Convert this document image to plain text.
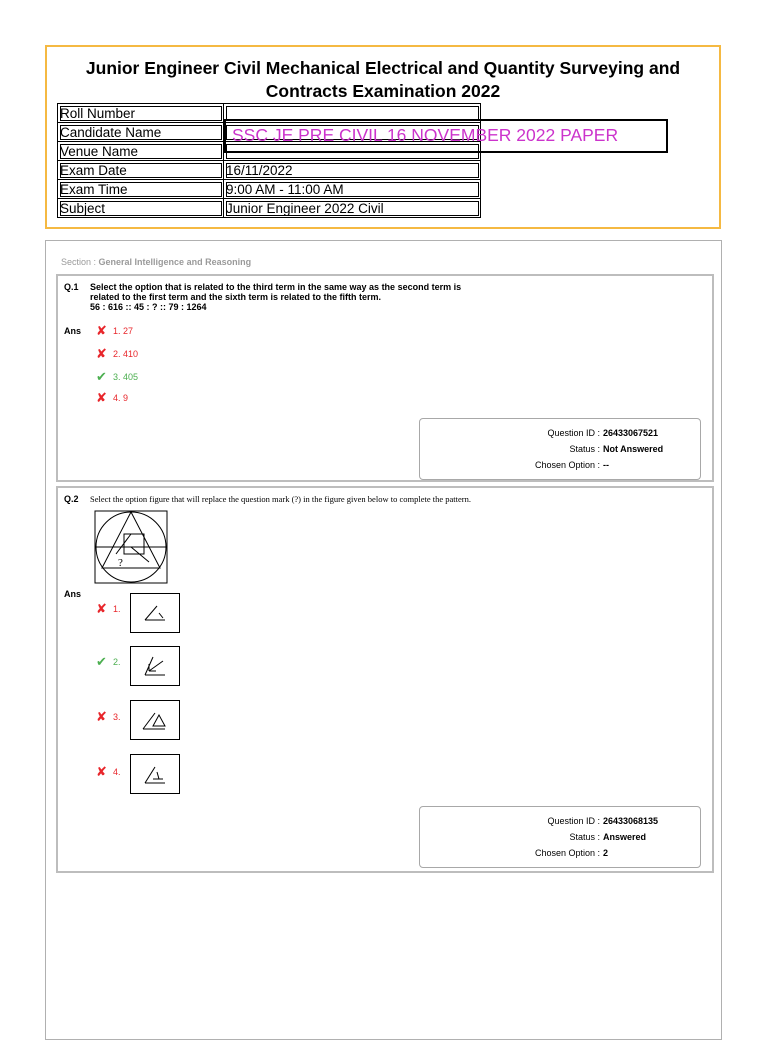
Junior Engineer Civil Mechanical Electrical and Quantity Surveying and
Contracts Examination 2022
Roll Number	
Candidate Name	
Venue Name	
Exam Date	16/11/2022
Exam Time	9:00 AM - 11:00 AM
Subject	Junior Engineer 2022 Civil
SSC JE PRE CIVIL 16 NOVEMBER 2022 PAPER
Section : General Intelligence and Reasoning
Q.1 Select the option that is related to the third term in the same way as the second term is
related to the first term and the sixth term is related to the fifth term.
56 : 616 :: 45 : ? :: 79 : 1264
Ans ✘ 1. 27
✘ 2. 410
✔ 3. 405
✘ 4. 9
Question ID : 26433067521
Status : Not Answered
Chosen Option : --
Q.2 Select the option figure that will replace the question mark (?) in the figure given below to complete the pattern.
?
Ans
✘ 1.
✔ 2.
✘ 3.
✘ 4.
Question ID : 26433068135
Status : Answered
Chosen Option : 2
